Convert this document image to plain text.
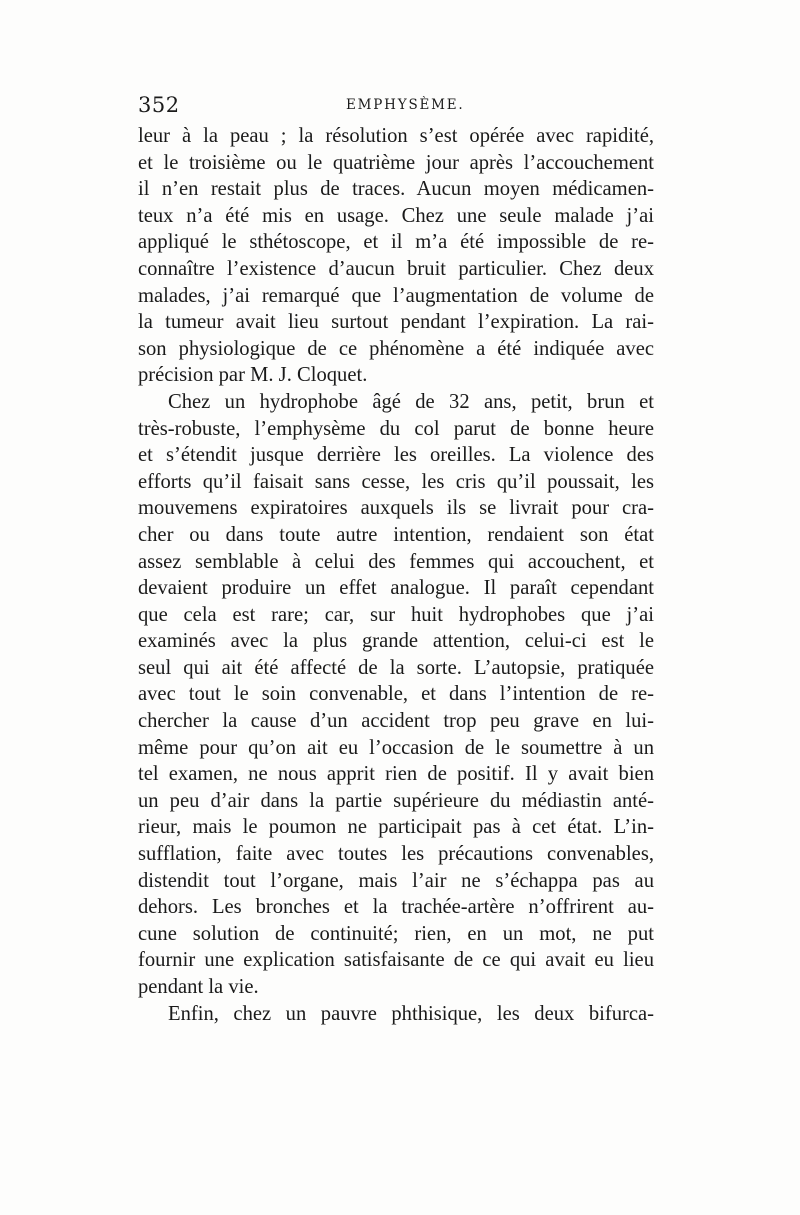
352	EMPHYSÈME.
leur à la peau ; la résolution s’est opérée avec rapidité,
et le troisième ou le quatrième jour après l’accouchement
il n’en restait plus de traces. Aucun moyen médicamen-
teux n’a été mis en usage. Chez une seule malade j’ai
appliqué le sthétoscope, et il m’a été impossible de re-
connaître l’existence d’aucun bruit particulier. Chez deux
malades, j’ai remarqué que l’augmentation de volume de
la tumeur avait lieu surtout pendant l’expiration. La rai-
son physiologique de ce phénomène a été indiquée avec
précision par M. J. Cloquet.
Chez un hydrophobe âgé de 32 ans, petit, brun et
très-robuste, l’emphysème du col parut de bonne heure
et s’étendit jusque derrière les oreilles. La violence des
efforts qu’il faisait sans cesse, les cris qu’il poussait, les
mouvemens expiratoires auxquels ils se livrait pour cra-
cher ou dans toute autre intention, rendaient son état
assez semblable à celui des femmes qui accouchent, et
devaient produire un effet analogue. Il paraît cependant
que cela est rare; car, sur huit hydrophobes que j’ai
examinés avec la plus grande attention, celui-ci est le
seul qui ait été affecté de la sorte. L’autopsie, pratiquée
avec tout le soin convenable, et dans l’intention de re-
chercher la cause d’un accident trop peu grave en lui-
même pour qu’on ait eu l’occasion de le soumettre à un
tel examen, ne nous apprit rien de positif. Il y avait bien
un peu d’air dans la partie supérieure du médiastin anté-
rieur, mais le poumon ne participait pas à cet état. L’in-
sufflation, faite avec toutes les précautions convenables,
distendit tout l’organe, mais l’air ne s’échappa pas au
dehors. Les bronches et la trachée-artère n’offrirent au-
cune solution de continuité; rien, en un mot, ne put
fournir une explication satisfaisante de ce qui avait eu lieu
pendant la vie.
Enfin, chez un pauvre phthisique, les deux bifurca-
